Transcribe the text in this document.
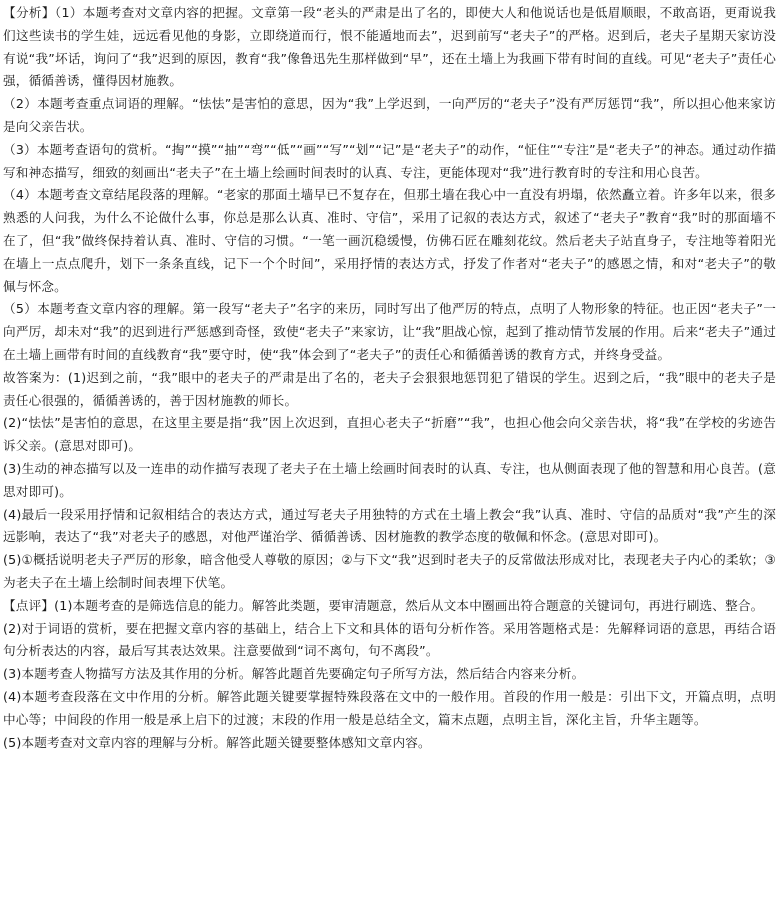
【分析】（1）本题考查对文章内容的把握。文章第一段“老头的严肃是出了名的，即使大人和他说话也是低眉顺眼，不敢高语，更甭说我们这些读书的学生娃，远远看见他的身影，立即绕道而行，恨不能遁地而去”，迟到前写“老夫子”的严格。迟到后，老夫子星期天家访没有说“我”坏话，询问了“我”迟到的原因，教育“我”像鲁迅先生那样做到“早”，还在土墙上为我画下带有时间的直线。可见“老夫子”责任心强，循循善诱，懂得因材施教。

（2）本题考查重点词语的理解。“怯怯”是害怕的意思，因为“我”上学迟到，一向严厉的“老夫子”没有严厉惩罚“我”，所以担心他来家访是向父亲告状。

（3）本题考查语句的赏析。“掏”“摸”“抽”“弯”“低”“画”“写”“划”“记”是“老夫子”的动作，“怔住”“专注”是“老夫子”的神态。通过动作描写和神态描写，细致的刻画出“老夫子”在土墙上绘画时间表时的认真、专注，更能体现对“我”进行教育时的专注和用心良苦。

（4）本题考查文章结尾段落的理解。“老家的那面土墙早已不复存在，但那土墙在我心中一直没有坍塌，依然矗立着。许多年以来，很多熟悉的人问我，为什么不论做什么事，你总是那么认真、准时、守信”，采用了记叙的表达方式，叙述了“老夫子”教育“我”时的那面墙不在了，但“我”做终保持着认真、准时、守信的习惯。“一笔一画沉稳缓慢，仿佛石匠在雕刻花纹。然后老夫子站直身子，专注地等着阳光在墙上一点点爬升，划下一条条直线，记下一个个时间”，采用抒情的表达方式，抒发了作者对“老夫子”的感恩之情，和对“老夫子”的敬佩与怀念。

（5）本题考查文章内容的理解。第一段写“老夫子”名字的来历，同时写出了他严厉的特点，点明了人物形象的特征。也正因“老夫子”一向严厉，却未对“我”的迟到进行严惩感到奇怪，致使“老夫子”来家访，让“我”胆战心惊，起到了推动情节发展的作用。后来“老夫子”通过在土墙上画带有时间的直线教育“我”要守时，使“我”体会到了“老夫子”的责任心和循循善诱的教育方式，并终身受益。

故答案为：(1)迟到之前，“我”眼中的老夫子的严肃是出了名的，老夫子会狠狠地惩罚犯了错误的学生。迟到之后，“我”眼中的老夫子是责任心很强的，循循善诱的，善于因材施教的师长。

(2)“怯怯”是害怕的意思，在这里主要是指“我”因上次迟到，直担心老夫子“折磨”“我”，也担心他会向父亲告状，将“我”在学校的劣迹告诉父亲。(意思对即可)。

(3)生动的神态描写以及一连串的动作描写表现了老夫子在土墙上绘画时间表时的认真、专注，也从侧面表现了他的智慧和用心良苦。(意思对即可)。

(4)最后一段采用抒情和记叙相结合的表达方式，通过写老夫子用独特的方式在土墙上教会“我”认真、准时、守信的品质对“我”产生的深远影响，表达了“我”对老夫子的感恩，对他严谨治学、循循善诱、因材施教的教学态度的敬佩和怀念。(意思对即可)。

(5)①概括说明老夫子严厉的形象，暗含他受人尊敬的原因；②与下文“我”迟到时老夫子的反常做法形成对比，表现老夫子内心的柔软；③为老夫子在土墙上绘制时间表埋下伏笔。

【点评】(1)本题考查的是筛选信息的能力。解答此类题，要审清题意，然后从文本中圈画出符合题意的关键词句，再进行刷选、整合。

(2)对于词语的赏析，要在把握文章内容的基础上，结合上下文和具体的语句分析作答。采用答题格式是：先解释词语的意思，再结合语句分析表达的内容，最后写其表达效果。注意要做到“词不离句，句不离段”。

(3)本题考查人物描写方法及其作用的分析。解答此题首先要确定句子所写方法，然后结合内容来分析。

(4)本题考查段落在文中作用的分析。解答此题关键要掌握特殊段落在文中的一般作用。首段的作用一般是：引出下文，开篇点明，点明中心等；中间段的作用一般是承上启下的过渡；末段的作用一般是总结全文，篇末点题，点明主旨，深化主旨，升华主题等。

(5)本题考查对文章内容的理解与分析。解答此题关键要整体感知文章内容。
